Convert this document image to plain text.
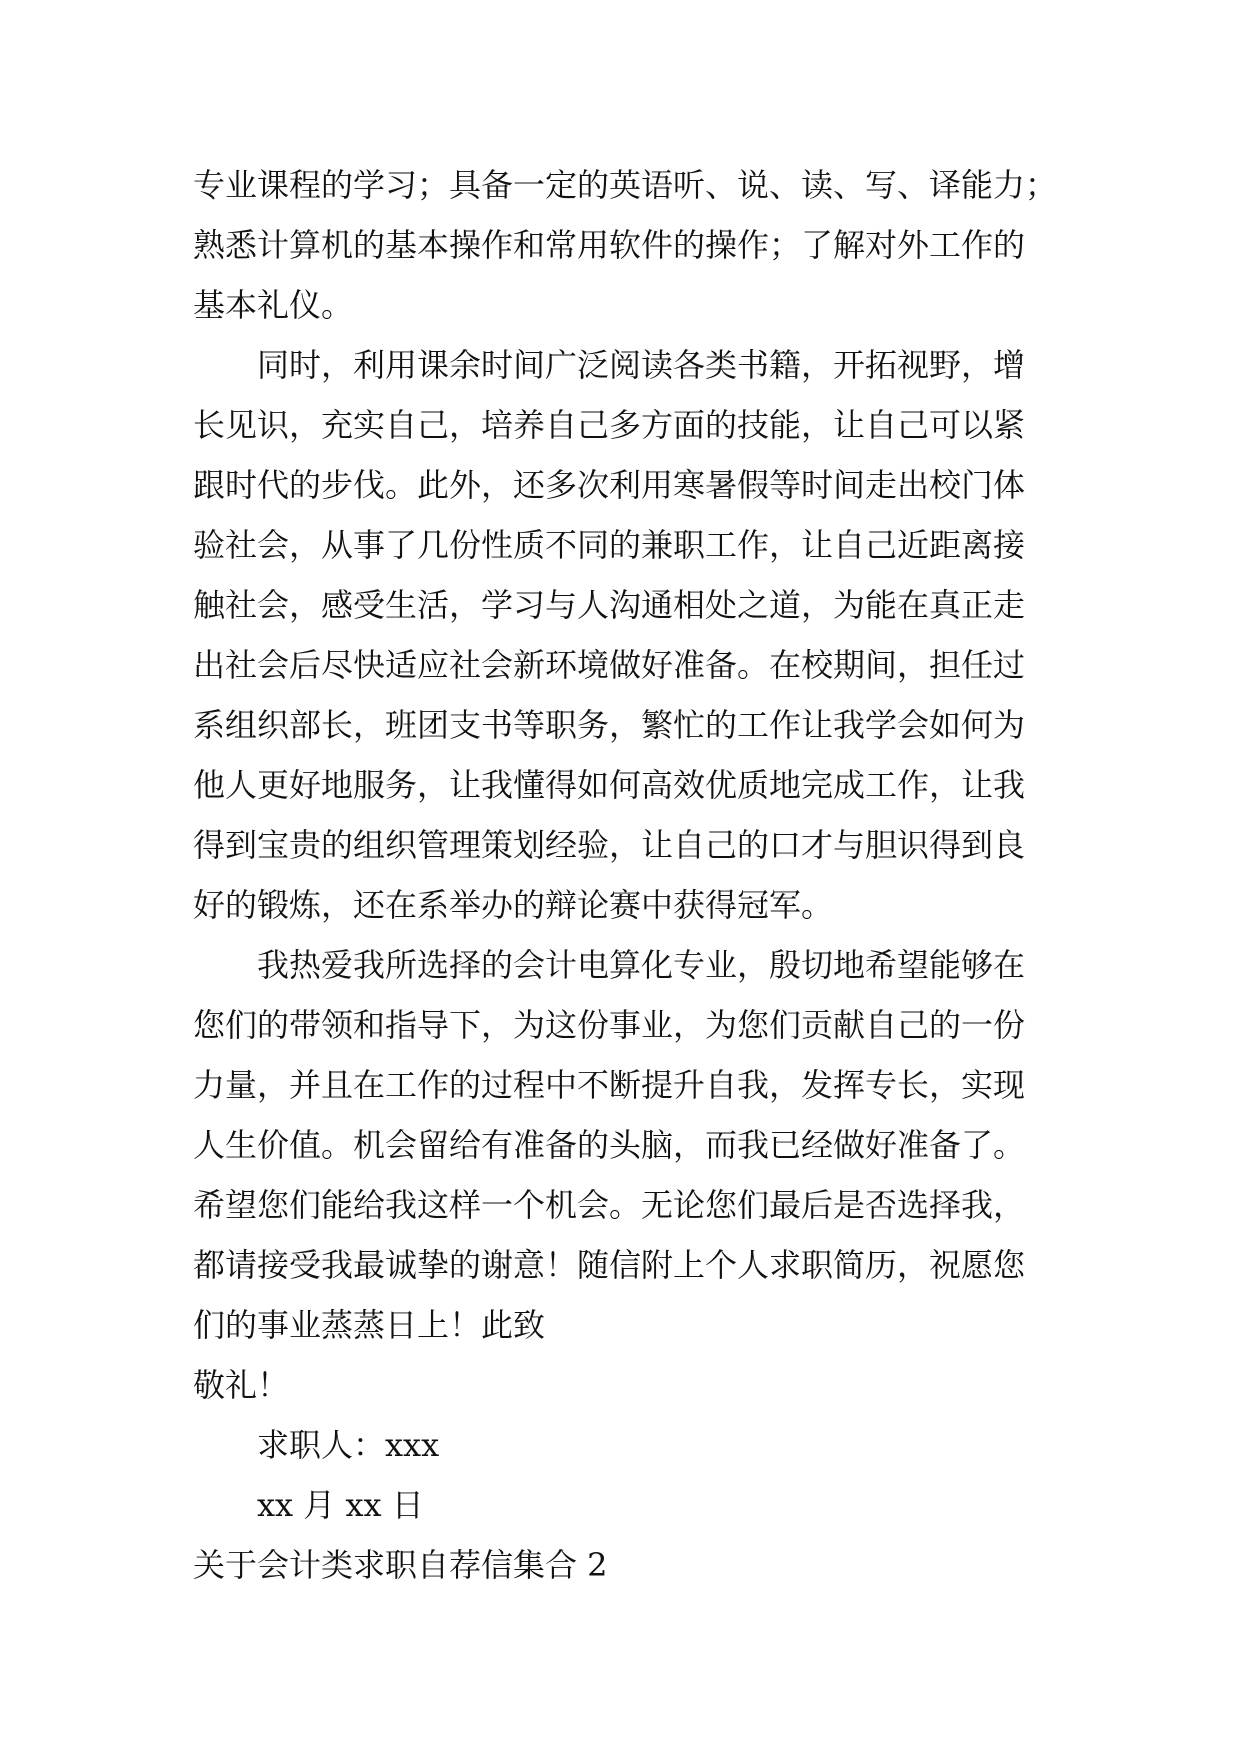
专业课程的学习；具备一定的英语听、说、读、写、译能力；
熟悉计算机的基本操作和常用软件的操作；了解对外工作的
基本礼仪。
同时，利用课余时间广泛阅读各类书籍，开拓视野，增
长见识，充实自己，培养自己多方面的技能，让自己可以紧
跟时代的步伐。此外，还多次利用寒暑假等时间走出校门体
验社会，从事了几份性质不同的兼职工作，让自己近距离接
触社会，感受生活，学习与人沟通相处之道，为能在真正走
出社会后尽快适应社会新环境做好准备。在校期间，担任过
系组织部长，班团支书等职务，繁忙的工作让我学会如何为
他人更好地服务，让我懂得如何高效优质地完成工作，让我
得到宝贵的组织管理策划经验，让自己的口才与胆识得到良
好的锻炼，还在系举办的辩论赛中获得冠军。
我热爱我所选择的会计电算化专业，殷切地希望能够在
您们的带领和指导下，为这份事业，为您们贡献自己的一份
力量，并且在工作的过程中不断提升自我，发挥专长，实现
人生价值。机会留给有准备的头脑，而我已经做好准备了。
希望您们能给我这样一个机会。无论您们最后是否选择我，
都请接受我最诚挚的谢意！随信附上个人求职简历，祝愿您
们的事业蒸蒸日上！此致
敬礼！
求职人：xxx
xx 月 xx 日
关于会计类求职自荐信集合 2
